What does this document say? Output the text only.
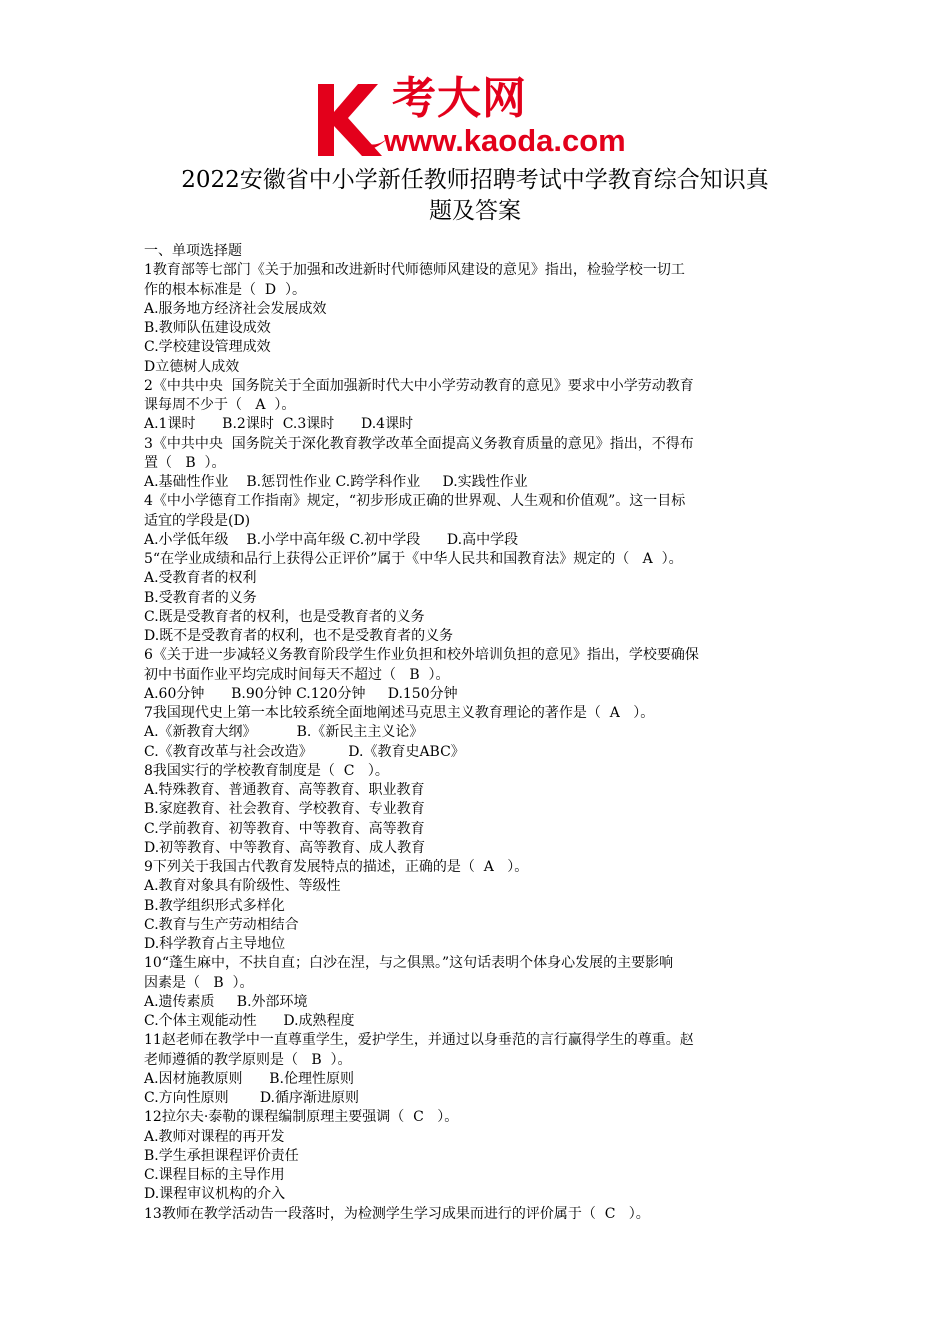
考大网
www.kaoda.com
2022安徽省中小学新任教师招聘考试中学教育综合知识真
题及答案
一、单项选择题
1教育部等七部门《关于加强和改进新时代师德师风建设的意见》指出，检验学校一切工
作的根本标准是（  D  ）。
A.服务地方经济社会发展成效
B.教师队伍建设成效
C.学校建设管理成效
D立德树人成效
2《中共中央  国务院关于全面加强新时代大中小学劳动教育的意见》要求中小学劳动教育
课每周不少于（   A  ）。
A.1课时      B.2课时  C.3课时      D.4课时
3《中共中央  国务院关于深化教育教学改革全面提高义务教育质量的意见》指出，不得布
置（   B  ）。
A.基础性作业    B.惩罚性作业 C.跨学科作业     D.实践性作业
4《中小学德育工作指南》规定，“初步形成正确的世界观、人生观和价值观”。这一目标
适宜的学段是(D)
A.小学低年级    B.小学中高年级 C.初中学段      D.高中学段
5“在学业成绩和品行上获得公正评价”属于《中华人民共和国教育法》规定的（   A  ）。
A.受教育者的权利
B.受教育者的义务
C.既是受教育者的权利，也是受教育者的义务
D.既不是受教育者的权利，也不是受教育者的义务
6《关于进一步减轻义务教育阶段学生作业负担和校外培训负担的意见》指出，学校要确保
初中书面作业平均完成时间每天不超过（   B  ）。
A.60分钟      B.90分钟 C.120分钟     D.150分钟
7我国现代史上第一本比较系统全面地阐述马克思主义教育理论的著作是（  A   ）。
A.《新教育大纲》         B.《新民主主义论》
C.《教育改革与社会改造》        D.《教育史ABC》
8我国实行的学校教育制度是（  C   ）。
A.特殊教育、普通教育、高等教育、职业教育
B.家庭教育、社会教育、学校教育、专业教育
C.学前教育、初等教育、中等教育、高等教育
D.初等教育、中等教育、高等教育、成人教育
9下列关于我国古代教育发展特点的描述，正确的是（  A   ）。
A.教育对象具有阶级性、等级性
B.教学组织形式多样化
C.教育与生产劳动相结合
D.科学教育占主导地位
10“蓬生麻中，不扶自直；白沙在涅，与之俱黑。”这句话表明个体身心发展的主要影响
因素是（   B  ）。
A.遗传素质     B.外部环境
C.个体主观能动性      D.成熟程度
11赵老师在教学中一直尊重学生，爱护学生，并通过以身垂范的言行赢得学生的尊重。赵
老师遵循的教学原则是（   B  ）。
A.因材施教原则      B.伦理性原则
C.方向性原则       D.循序渐进原则
12拉尔夫·泰勒的课程编制原理主要强调（  C   ）。
A.教师对课程的再开发
B.学生承担课程评价责任
C.课程目标的主导作用
D.课程审议机构的介入
13教师在教学活动告一段落时，为检测学生学习成果而进行的评价属于（  C   ）。
